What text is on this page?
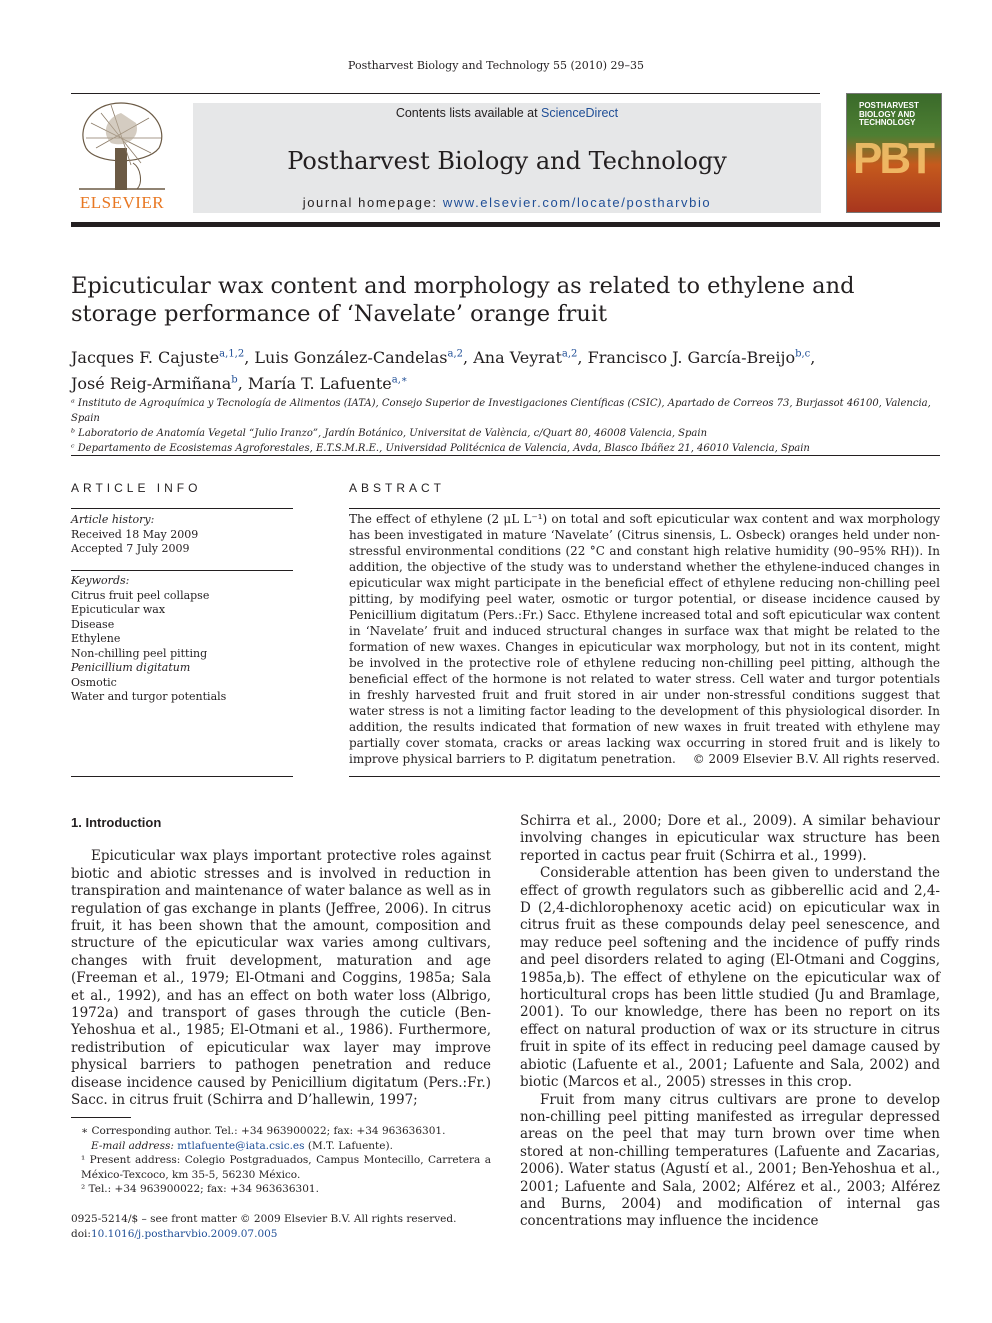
Postharvest Biology and Technology 55 (2010) 29–35
ELSEVIER
Contents lists available at ScienceDirect
Postharvest Biology and Technology
journal homepage: www.elsevier.com/locate/postharvbio
POSTHARVEST BIOLOGY AND TECHNOLOGY
PBT
Epicuticular wax content and morphology as related to ethylene and storage performance of ‘Navelate’ orange fruit
Jacques F. Cajuste$^{a,1,2}$, Luis González-Candelas$^{a,2}$, Ana Veyrat$^{a,2}$, Francisco J. García-Breijo$^{b,c}$,
José Reig-Armiñana$^b$, María T. Lafuente$^{a,∗}$
ᵃ Instituto de Agroquímica y Tecnología de Alimentos (IATA), Consejo Superior de Investigaciones Científicas (CSIC), Apartado de Correos 73, Burjassot 46100, Valencia, Spain
ᵇ Laboratorio de Anatomía Vegetal “Julio Iranzo”, Jardín Botánico, Universitat de València, c/Quart 80, 46008 Valencia, Spain
ᶜ Departamento de Ecosistemas Agroforestales, E.T.S.M.R.E., Universidad Politécnica de Valencia, Avda, Blasco Ibáñez 21, 46010 Valencia, Spain
ARTICLE INFO
Article history:
Received 18 May 2009
Accepted 7 July 2009
Keywords:
Citrus fruit peel collapse
Epicuticular wax
Disease
Ethylene
Non-chilling peel pitting
Penicillium digitatum
Osmotic
Water and turgor potentials
ABSTRACT
The effect of ethylene (2 μL L⁻¹) on total and soft epicuticular wax content and wax morphology has been investigated in mature ‘Navelate’ (Citrus sinensis, L. Osbeck) oranges held under non-stressful environmental conditions (22 °C and constant high relative humidity (90–95% RH)). In addition, the objective of the study was to understand whether the ethylene-induced changes in epicuticular wax might participate in the beneficial effect of ethylene reducing non-chilling peel pitting, by modifying peel water, osmotic or turgor potential, or disease incidence caused by Penicillium digitatum (Pers.:Fr.) Sacc. Ethylene increased total and soft epicuticular wax content in ‘Navelate’ fruit and induced structural changes in surface wax that might be related to the formation of new waxes. Changes in epicuticular wax morphology, but not in its content, might be involved in the protective role of ethylene reducing non-chilling peel pitting, although the beneficial effect of the hormone is not related to water stress. Cell water and turgor potentials in freshly harvested fruit and fruit stored in air under non-stressful conditions suggest that water stress is not a limiting factor leading to the development of this physiological disorder. In addition, the results indicated that formation of new waxes in fruit treated with ethylene may partially cover stomata, cracks or areas lacking wax occurring in stored fruit and is likely to improve physical barriers to P. digitatum penetration.	© 2009 Elsevier B.V. All rights reserved.

1. Introduction

Epicuticular wax plays important protective roles against biotic and abiotic stresses and is involved in reduction in transpiration and maintenance of water balance as well as in regulation of gas exchange in plants (Jeffree, 2006). In citrus fruit, it has been shown that the amount, composition and structure of the epicuticular wax varies among cultivars, changes with fruit development, maturation and age (Freeman et al., 1979; El-Otmani and Coggins, 1985a; Sala et al., 1992), and has an effect on both water loss (Albrigo, 1972a) and transport of gases through the cuticle (Ben-Yehoshua et al., 1985; El-Otmani et al., 1986). Furthermore, redistribution of epicuticular wax layer may improve physical barriers to pathogen penetration and reduce disease incidence caused by Penicillium digitatum (Pers.:Fr.) Sacc. in citrus fruit (Schirra and D’hallewin, 1997;

Schirra et al., 2000; Dore et al., 2009). A similar behaviour involving changes in epicuticular wax structure has been reported in cactus pear fruit (Schirra et al., 1999).

Considerable attention has been given to understand the effect of growth regulators such as gibberellic acid and 2,4-D (2,4-dichlorophenoxy acetic acid) on epicuticular wax in citrus fruit as these compounds delay peel senescence, and may reduce peel softening and the incidence of puffy rinds and peel disorders related to aging (El-Otmani and Coggins, 1985a,b). The effect of ethylene on the epicuticular wax of horticultural crops has been little studied (Ju and Bramlage, 2001). To our knowledge, there has been no report on its effect on natural production of wax or its structure in citrus fruit in spite of its effect in reducing peel damage caused by abiotic (Lafuente et al., 2001; Lafuente and Sala, 2002) and biotic (Marcos et al., 2005) stresses in this crop.

Fruit from many citrus cultivars are prone to develop non-chilling peel pitting manifested as irregular depressed areas on the peel that may turn brown over time when stored at non-chilling temperatures (Lafuente and Zacarias, 2006). Water status (Agustí et al., 2001; Ben-Yehoshua et al., 2001; Lafuente and Sala, 2002; Alférez et al., 2003; Alférez and Burns, 2004) and modification of internal gas concentrations may influence the incidence

∗ Corresponding author. Tel.: +34 963900022; fax: +34 963636301.

E-mail address: mtlafuente@iata.csic.es (M.T. Lafuente).

¹ Present address: Colegio Postgraduados, Campus Montecillo, Carretera a México-Texcoco, km 35-5, 56230 México.

² Tel.: +34 963900022; fax: +34 963636301.

0925-5214/$ – see front matter © 2009 Elsevier B.V. All rights reserved.
doi:10.1016/j.postharvbio.2009.07.005
